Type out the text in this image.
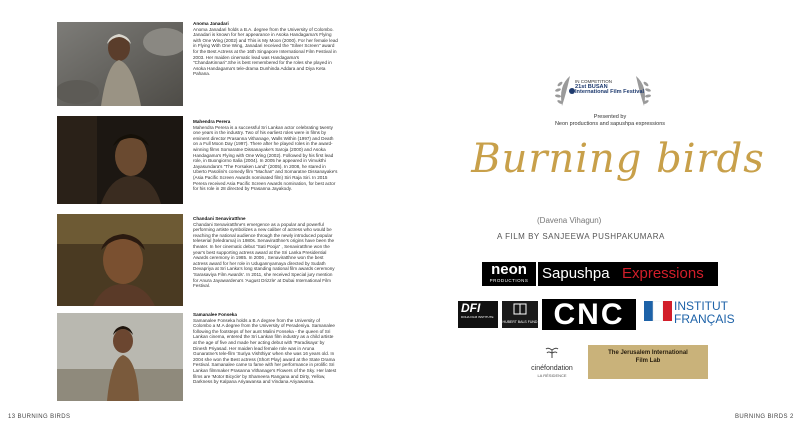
Anoma Janadari
Anoma Janadari holds a B.A. degree from the University of Colombo. Janadari is known for her appearance in Asoka Handagama's Flying with One Wing (2002) and This is My Moon (2000). For her female lead in Flying With One Wing, Janadari received the "Silver Screen" award for the Best Actress at the 16th Singapore International Film Festival in 2003. Her maiden cinematic lead was Handagama's "ChandaKinnari".She is best remembered for the roles she played in Asoka Handagama's tele-drama Dunhinda Addara and Diya Keta Pahana.
Mahendra Perera
Mahendra Perera is a successful Sri Lankan actor celebrating twenty one years in the industry. Two of his earliest roles were in films by eminent director Prasanna Vithanage, Walls Within (1997) and Death on a Full Moon Day (1997). There after he played roles in the award-winning films Somaratne Dissanayake's Saroja (2000) and Asoka Handagama's Flying with One Wing (2002). Followed by his first lead role, in Buongiorno Italia (2004). In 2005 he appeared in Vimukthi Jayasundara's "The Forsaken Land" (2005). In 2008, he stared in Uberto Pasolini's comedy film "Machan" and Somaratne Dissanayake's (Asia Pacific Screen Awards nominated film) Siri Raja Siri. In 2015 Perera received Asia Pacific Screen Awards nomination, for best actor for his role in 28 directed by Prasanna Jayakody.
Chandani Senaviratthne
Chandani Senaviratthne's emergence as a popular and powerful performing artiste symbolizes a new caliber of actress who would be reaching the national audience through the newly introduced popular teleserial (teledrama) in 1980s. Senaviratthne's origins have been the theater. In her cinematic debut "Sati Pooja" , Senaviratthne won the year's best supporting actress award at the Sri Lanka Presidential Awards ceremony in 1985. In 2006 , Senaviratthne won the best actress award for her role in Udugannyamaya directed by Sudath Devapriya at Sri Lanka's long standing national film awards ceremony 'Sarasaviya Film Awards'. In 2011, she received Special jury mention for Anura Jayawardena's 'August Drizzle' at Dubai International Film Festival.
Samanalee Fonseka
Samanalee Fonseka holds a B.A degree from the University of Colombo a M.A degree from the University of Peradeniya. Samanalee following the footsteps of her aunt Malini Fonseka - the queen of Sri Lankan cinema, entered the Sri Lankan film industry as a child artiste at the age of five and made her acting debut with 'Paradisaya' by Dinesh Priyasad. Her maiden lead female role was in Aruna Gunaratne's tele-film 'Suriya Vishthiya' when she was 16 years old. In 2004 she won the Best actress (Short Play) award at the State Drama Festival. Samanalee came to fame with her performance in prolific Sri Lankan filmmaker Prasanna Vithanage's Flowers of the Sky. Her latest films are 'Motor Bicycle' by Shameera Rangana and Dirty, Yellow, Darkness by Kalpana Ariyawansa and Vindana Ariyawansa.
13 BURNING BIRDS
IN COMPETITION
21st BUSAN
International Film Festival
Presented by
Neon productions and sapushpa expressions
Burning birds
(Davena Vihagun)
A FILM BY SANJEEWA PUSHPAKUMARA
neon
PRODUCTIONS Sapushpa Expressions
DFI
DOHA FILM INSTITUTE
HUBERT BALS FUND CNC	INSTITUT
FRANÇAIS
cinéfondation
LA RÉSIDENCE
The Jerusalem International
Film Lab
BURNING BIRDS 2
